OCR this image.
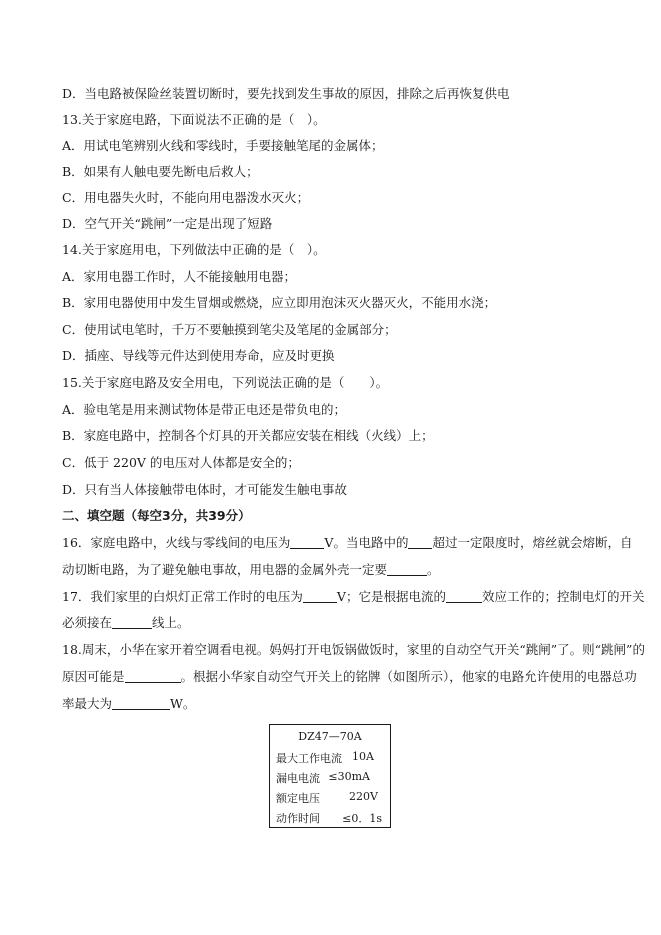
D．当电路被保险丝装置切断时，要先找到发生事故的原因，排除之后再恢复供电
13.关于家庭电路，下面说法不正确的是（　）。
A．用试电笔辨别火线和零线时，手要接触笔尾的金属体；
B．如果有人触电要先断电后救人；
C．用电器失火时，不能向用电器泼水灭火；
D．空气开关“跳闸”一定是出现了短路
14.关于家庭用电，下列做法中正确的是（　）。
A．家用电器工作时，人不能接触用电器；
B．家用电器使用中发生冒烟或燃烧，应立即用泡沫灭火器灭火，不能用水浇；
C．使用试电笔时，千万不要触摸到笔尖及笔尾的金属部分；
D．插座、导线等元件达到使用寿命，应及时更换
15.关于家庭电路及安全用电，下列说法正确的是（　　）。
A．验电笔是用来测试物体是带正电还是带负电的；
B．家庭电路中，控制各个灯具的开关都应安装在相线（火线）上；
C．低于 220V 的电压对人体都是安全的；
D．只有当人体接触带电体时，才可能发生触电事故
二、填空题（每空3分，共39分）
16．家庭电路中，火线与零线间的电压为	V。当电路中的 超过一定限度时，熔丝就会熔断，自
动切断电路，为了避免触电事故，用电器的金属外壳一定要	。
17．我们家里的白炽灯正常工作时的电压为	V；它是根据电流的	效应工作的；控制电灯的开关
必须接在	线上。
18.周末，小华在家开着空调看电视。妈妈打开电饭锅做饭时，家里的自动空气开关“跳闸”了。则“跳闸”的
原因可能是	。根据小华家自动空气开关上的铭牌（如图所示），他家的电路允许使用的电器总功
率最大为	W。
DZ47—70A
最大工作电流 10A
漏电电流 ≤30mA
额定电压	220V
动作时间 ≤0．1s
